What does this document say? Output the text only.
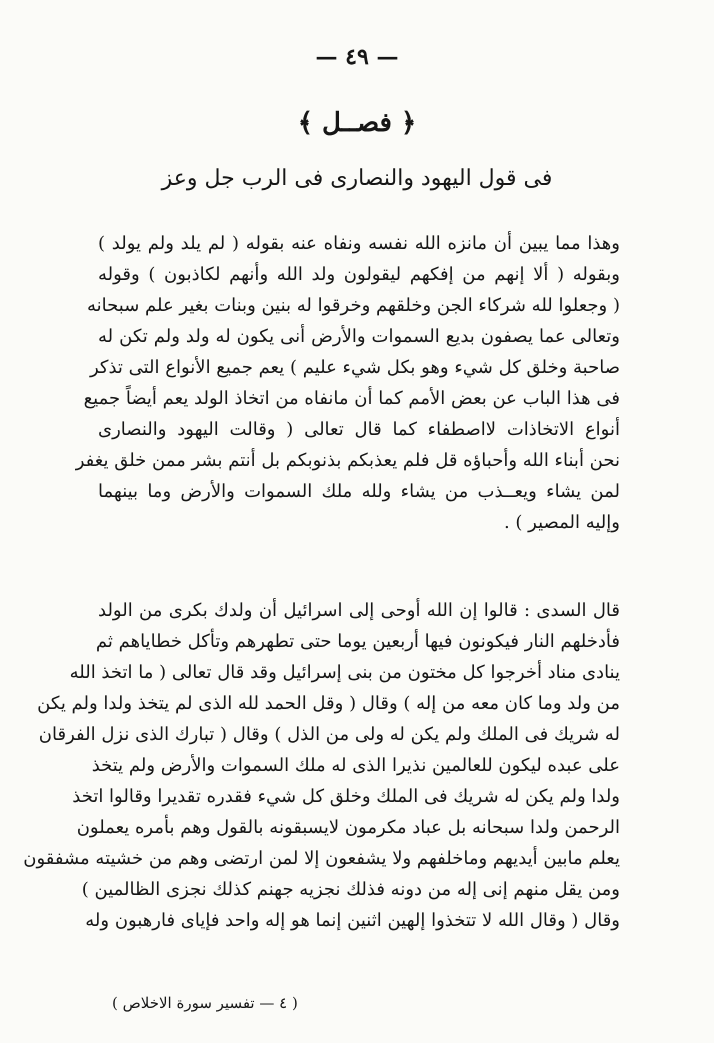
— ٤٩ —
﴿ فصــل ﴾
فى قول اليهود والنصارى فى الرب جل وعز
وهذا مما يبين أن مانزه الله نفسه ونفاه عنه بقوله ( لم يلد ولم يولد )
وبقوله ( ألا إنهم من إفكهم ليقولون ولد الله وأنهم لكاذبون ) وقوله
( وجعلوا لله شركاء الجن وخلقهم وخرقوا له بنين وبنات بغير علم سبحانه
وتعالى عما يصفون بديع السموات والأرض أنى يكون له ولد ولم تكن له
صاحبة وخلق كل شيء وهو بكل شيء عليم ) يعم جميع الأنواع التى تذكر
فى هذا الباب عن بعض الأمم كما أن مانفاه من اتخاذ الولد يعم أيضاً جميع
أنواع الاتخاذات لااصطفاء كما قال تعالى ( وقالت اليهود والنصارى
نحن أبناء الله وأحباؤه قل فلم يعذبكم بذنوبكم بل أنتم بشر ممن خلق يغفر
لمن يشاء ويعــذب من يشاء ولله ملك السموات والأرض وما بينهما
وإليه المصير ) .
قال السدى : قالوا إن الله أوحى إلى اسرائيل أن ولدك بكرى من الولد
فأدخلهم النار فيكونون فيها أربعين يوما حتى تطهرهم وتأكل خطاياهم ثم
ينادى مناد أخرجوا كل مختون من بنى إسرائيل وقد قال تعالى ( ما اتخذ الله
من ولد وما كان معه من إله ) وقال ( وقل الحمد لله الذى لم يتخذ ولدا ولم يكن
له شريك فى الملك ولم يكن له ولى من الذل ) وقال ( تبارك الذى نزل الفرقان
على عبده ليكون للعالمين نذيرا الذى له ملك السموات والأرض ولم يتخذ
ولدا ولم يكن له شريك فى الملك وخلق كل شيء فقدره تقديرا وقالوا اتخذ
الرحمن ولدا سبحانه بل عباد مكرمون لايسبقونه بالقول وهم بأمره يعملون
يعلم مابين أيديهم وماخلفهم ولا يشفعون إلا لمن ارتضى وهم من خشيته مشفقون
ومن يقل منهم إنى إله من دونه فذلك نجزيه جهنم كذلك نجزى الظالمين )
وقال ( وقال الله لا تتخذوا إلهين اثنين إنما هو إله واحد فإياى فارهبون وله
( ٤ — تفسير سورة الاخلاص )
